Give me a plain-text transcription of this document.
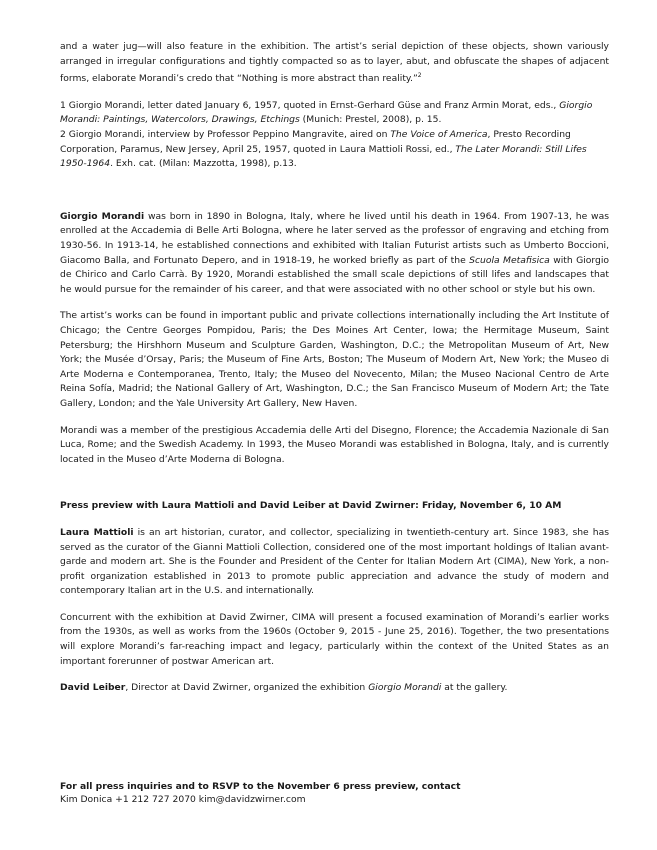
and a water jug—will also feature in the exhibition. The artist’s serial depiction of these objects, shown variously arranged in irregular configurations and tightly compacted so as to layer, abut, and obfuscate the shapes of adjacent forms, elaborate Morandi’s credo that “Nothing is more abstract than reality.”$^2$

1 Giorgio Morandi, letter dated January 6, 1957, quoted in Ernst-Gerhard Güse and Franz Armin Morat, eds., Giorgio Morandi: Paintings, Watercolors, Drawings, Etchings (Munich: Prestel, 2008), p. 15.

2 Giorgio Morandi, interview by Professor Peppino Mangravite, aired on The Voice of America, Presto Recording Corporation, Paramus, New Jersey, April 25, 1957, quoted in Laura Mattioli Rossi, ed., The Later Morandi: Still Lifes 1950-1964. Exh. cat. (Milan: Mazzotta, 1998), p.13.

Giorgio Morandi was born in 1890 in Bologna, Italy, where he lived until his death in 1964. From 1907-13, he was enrolled at the Accademia di Belle Arti Bologna, where he later served as the professor of engraving and etching from 1930-56. In 1913-14, he established connections and exhibited with Italian Futurist artists such as Umberto Boccioni, Giacomo Balla, and Fortunato Depero, and in 1918-19, he worked briefly as part of the Scuola Metafisica with Giorgio de Chirico and Carlo Carrà. By 1920, Morandi established the small scale depictions of still lifes and landscapes that he would pursue for the remainder of his career, and that were associated with no other school or style but his own.

The artist’s works can be found in important public and private collections internationally including the Art Institute of Chicago; the Centre Georges Pompidou, Paris; the Des Moines Art Center, Iowa; the Hermitage Museum, Saint Petersburg; the Hirshhorn Museum and Sculpture Garden, Washington, D.C.; the Metropolitan Museum of Art, New York; the Musée d’Orsay, Paris; the Museum of Fine Arts, Boston; The Museum of Modern Art, New York; the Museo di Arte Moderna e Contemporanea, Trento, Italy; the Museo del Novecento, Milan; the Museo Nacional Centro de Arte Reina Sofía, Madrid; the National Gallery of Art, Washington, D.C.; the San Francisco Museum of Modern Art; the Tate Gallery, London; and the Yale University Art Gallery, New Haven.

Morandi was a member of the prestigious Accademia delle Arti del Disegno, Florence; the Accademia Nazionale di San Luca, Rome; and the Swedish Academy. In 1993, the Museo Morandi was established in Bologna, Italy, and is currently located in the Museo d’Arte Moderna di Bologna.

Press preview with Laura Mattioli and David Leiber at David Zwirner: Friday, November 6, 10 AM

Laura Mattioli is an art historian, curator, and collector, specializing in twentieth-century art. Since 1983, she has served as the curator of the Gianni Mattioli Collection, considered one of the most important holdings of Italian avant-garde and modern art. She is the Founder and President of the Center for Italian Modern Art (CIMA), New York, a non-profit organization established in 2013 to promote public appreciation and advance the study of modern and contemporary Italian art in the U.S. and internationally.

Concurrent with the exhibition at David Zwirner, CIMA will present a focused examination of Morandi’s earlier works from the 1930s, as well as works from the 1960s (October 9, 2015 - June 25, 2016). Together, the two presentations will explore Morandi’s far-reaching impact and legacy, particularly within the context of the United States as an important forerunner of postwar American art.

David Leiber, Director at David Zwirner, organized the exhibition Giorgio Morandi at the gallery.

For all press inquiries and to RSVP to the November 6 press preview, contact

Kim Donica +1 212 727 2070 kim@davidzwirner.com
